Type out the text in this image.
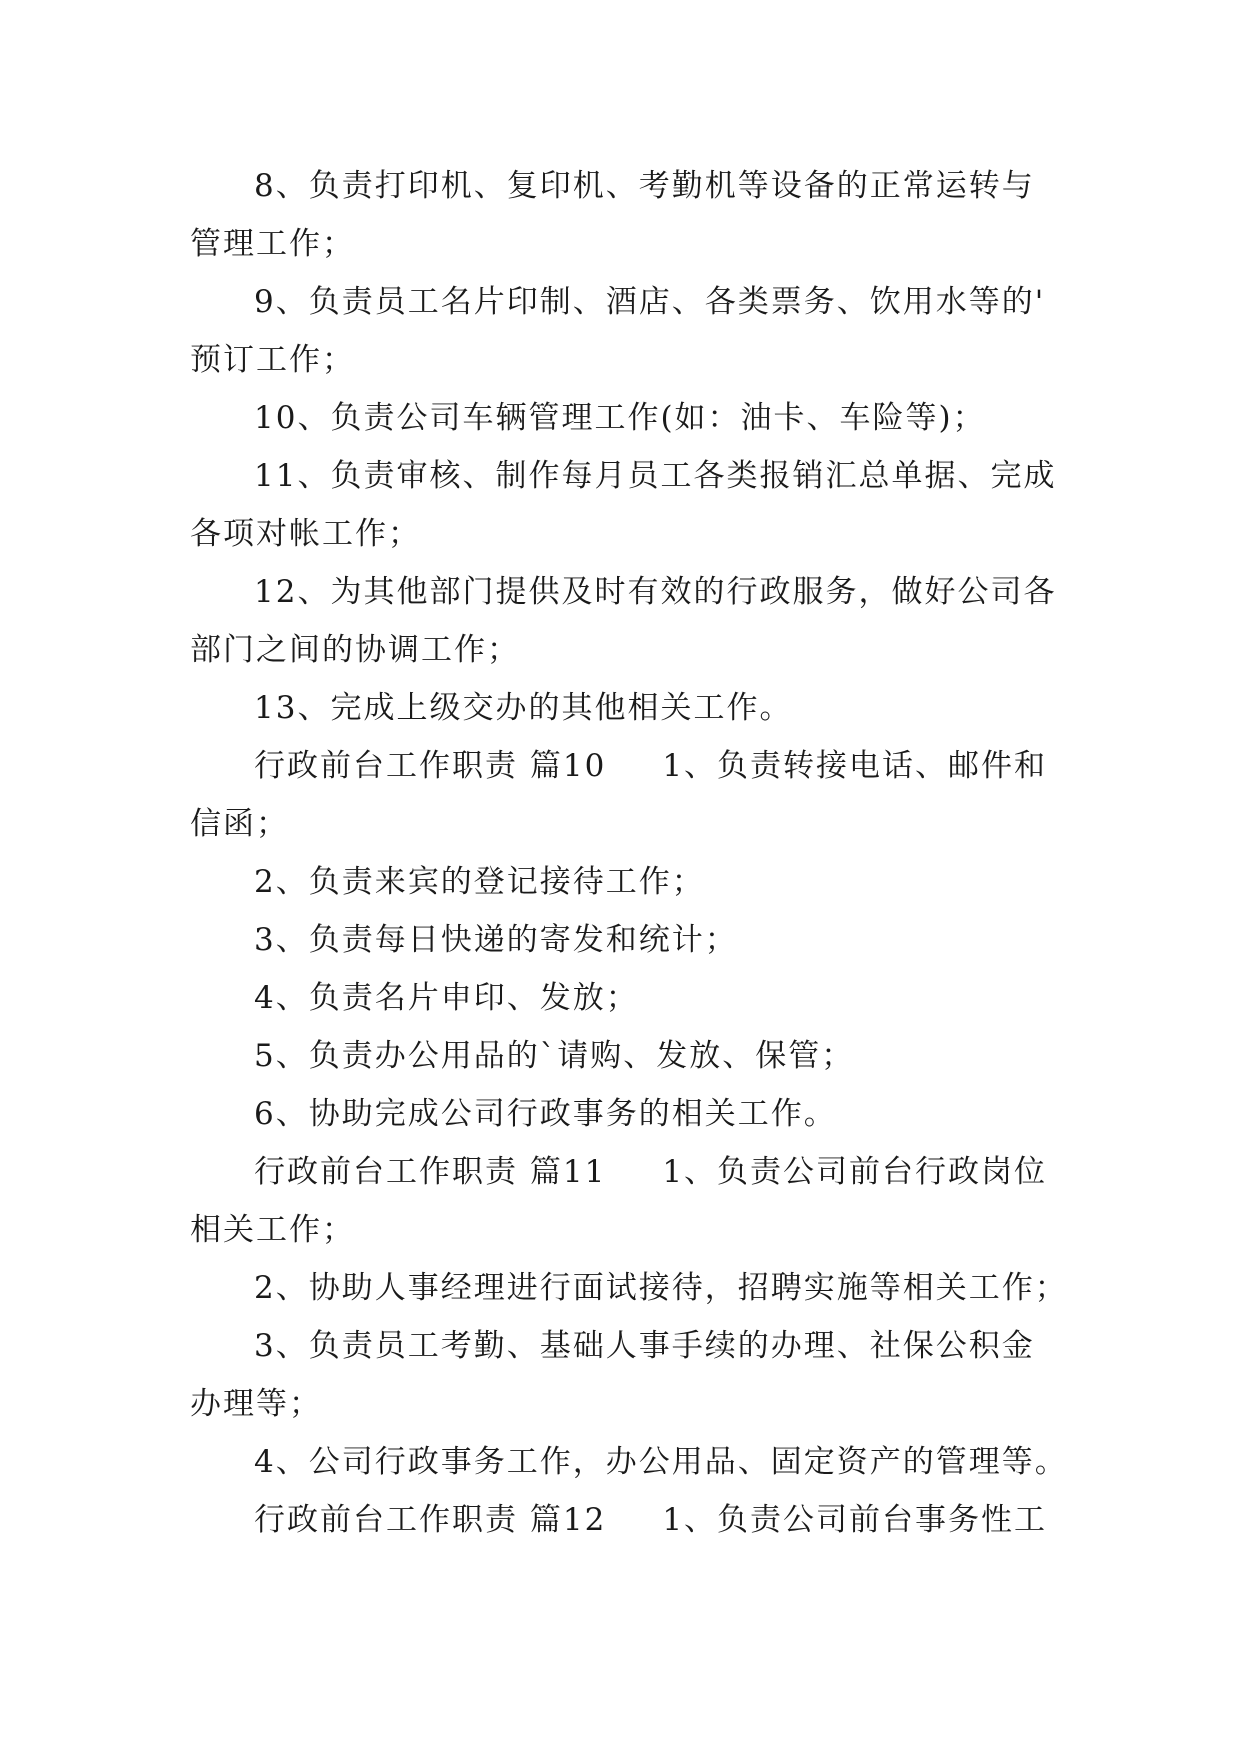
8、负责打印机、复印机、考勤机等设备的正常运转与
管理工作；
9、负责员工名片印制、酒店、各类票务、饮用水等的'
预订工作；
10、负责公司车辆管理工作(如：油卡、车险等)；
11、负责审核、制作每月员工各类报销汇总单据、完成
各项对帐工作；
12、为其他部门提供及时有效的行政服务，做好公司各
部门之间的协调工作；
13、完成上级交办的其他相关工作。
行政前台工作职责 篇10 1、负责转接电话、邮件和
信函；
2、负责来宾的登记接待工作；
3、负责每日快递的寄发和统计；
4、负责名片申印、发放；
5、负责办公用品的`请购、发放、保管；
6、协助完成公司行政事务的相关工作。
行政前台工作职责 篇11 1、负责公司前台行政岗位
相关工作；
2、协助人事经理进行面试接待，招聘实施等相关工作；
3、负责员工考勤、基础人事手续的办理、社保公积金
办理等；
4、公司行政事务工作，办公用品、固定资产的管理等。
行政前台工作职责 篇12 1、负责公司前台事务性工
